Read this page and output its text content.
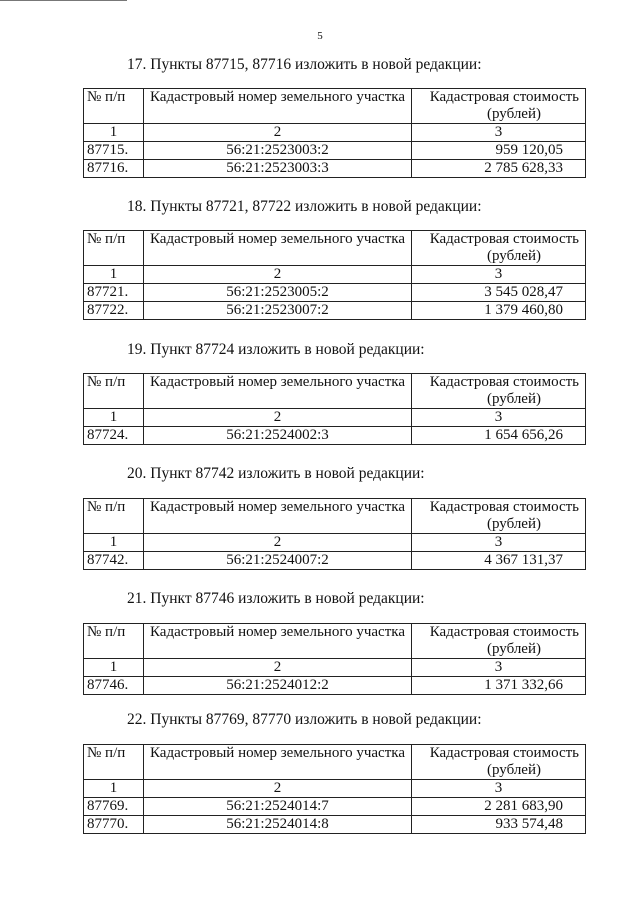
5
17. Пункты 87715, 87716 изложить в новой редакции:
№ п/п	Кадастровый номер земельного участка	Кадастровая стоимость
(рублей)

1	2	3
87715.	56:21:2523003:2	959 120,05
87716.	56:21:2523003:3	2 785 628,33
18. Пункты 87721, 87722 изложить в новой редакции:
№ п/п	Кадастровый номер земельного участка	Кадастровая стоимость
(рублей)

1	2	3
87721.	56:21:2523005:2	3 545 028,47
87722.	56:21:2523007:2	1 379 460,80
19. Пункт 87724 изложить в новой редакции:
№ п/п	Кадастровый номер земельного участка	Кадастровая стоимость
(рублей)

1	2	3
87724.	56:21:2524002:3	1 654 656,26
20. Пункт 87742 изложить в новой редакции:
№ п/п	Кадастровый номер земельного участка	Кадастровая стоимость
(рублей)

1	2	3
87742.	56:21:2524007:2	4 367 131,37
21. Пункт 87746 изложить в новой редакции:
№ п/п	Кадастровый номер земельного участка	Кадастровая стоимость
(рублей)

1	2	3
87746.	56:21:2524012:2	1 371 332,66
22. Пункты 87769, 87770 изложить в новой редакции:
№ п/п	Кадастровый номер земельного участка	Кадастровая стоимость
(рублей)

1	2	3
87769.	56:21:2524014:7	2 281 683,90
87770.	56:21:2524014:8	933 574,48
